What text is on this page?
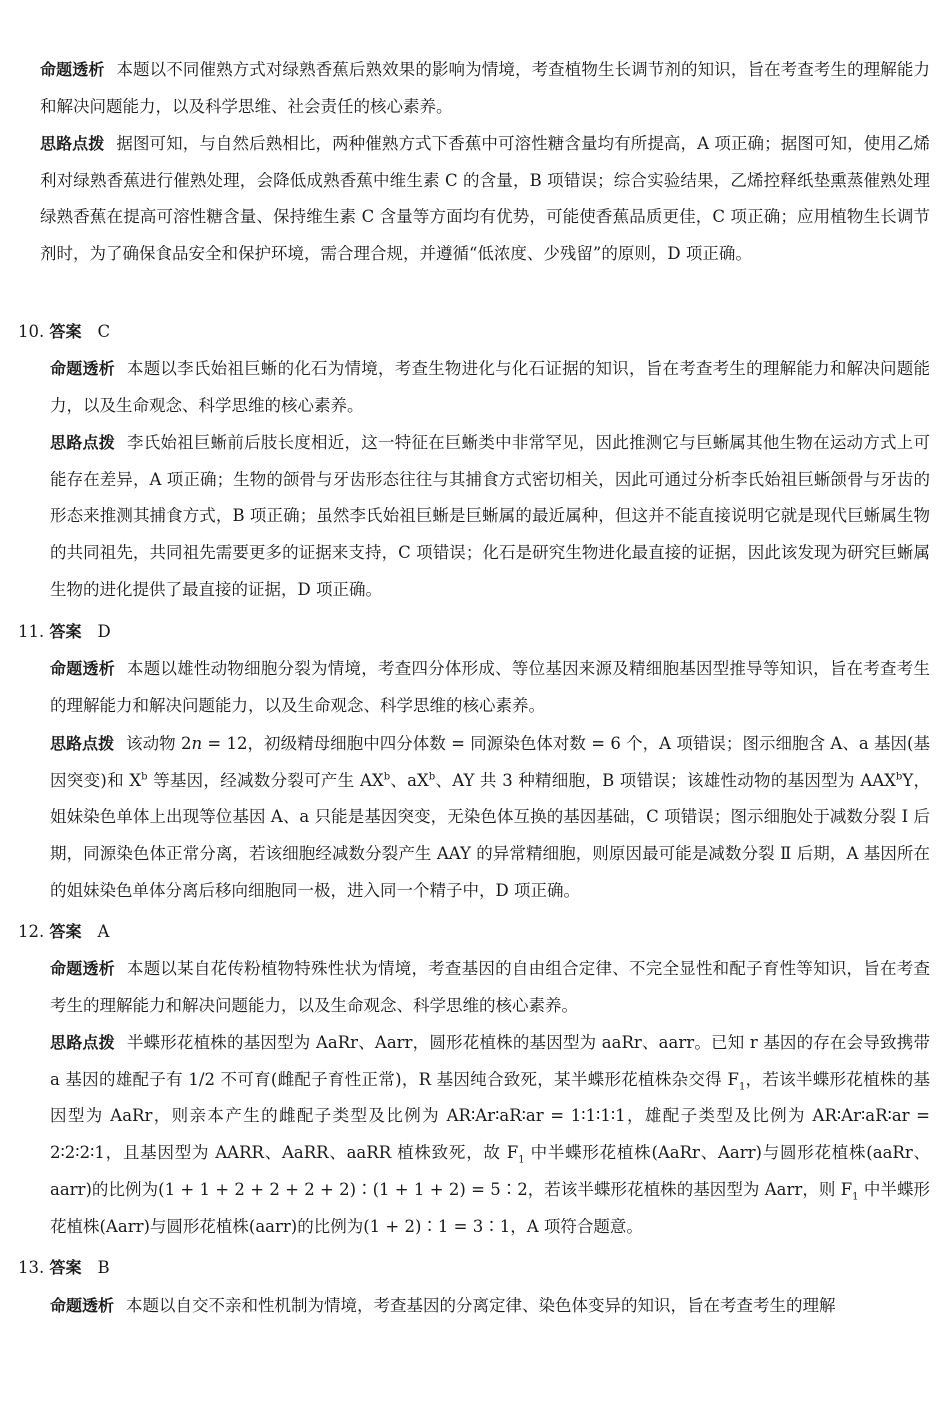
命题透析 本题以不同催熟方式对绿熟香蕉后熟效果的影响为情境，考查植物生长调节剂的知识，旨在考查考生的理解能力和解决问题能力，以及科学思维、社会责任的核心素养。

思路点拨 据图可知，与自然后熟相比，两种催熟方式下香蕉中可溶性糖含量均有所提高，A 项正确；据图可知，使用乙烯利对绿熟香蕉进行催熟处理，会降低成熟香蕉中维生素 C 的含量，B 项错误；综合实验结果，乙烯控释纸垫熏蒸催熟处理绿熟香蕉在提高可溶性糖含量、保持维生素 C 含量等方面均有优势，可能使香蕉品质更佳，C 项正确；应用植物生长调节剂时，为了确保食品安全和保护环境，需合理合规，并遵循“低浓度、少残留”的原则，D 项正确。

10. 答案 C

命题透析 本题以李氏始祖巨蜥的化石为情境，考查生物进化与化石证据的知识，旨在考查考生的理解能力和解决问题能力，以及生命观念、科学思维的核心素养。

思路点拨 李氏始祖巨蜥前后肢长度相近，这一特征在巨蜥类中非常罕见，因此推测它与巨蜥属其他生物在运动方式上可能存在差异，A 项正确；生物的颌骨与牙齿形态往往与其捕食方式密切相关，因此可通过分析李氏始祖巨蜥颌骨与牙齿的形态来推测其捕食方式，B 项正确；虽然李氏始祖巨蜥是巨蜥属的最近属种，但这并不能直接说明它就是现代巨蜥属生物的共同祖先，共同祖先需要更多的证据来支持，C 项错误；化石是研究生物进化最直接的证据，因此该发现为研究巨蜥属生物的进化提供了最直接的证据，D 项正确。

11. 答案 D

命题透析 本题以雄性动物细胞分裂为情境，考查四分体形成、等位基因来源及精细胞基因型推导等知识，旨在考查考生的理解能力和解决问题能力，以及生命观念、科学思维的核心素养。

思路点拨 该动物 2n = 12，初级精母细胞中四分体数 = 同源染色体对数 = 6 个，A 项错误；图示细胞含 A、a 基因(基因突变)和 $X^b$ 等基因，经减数分裂可产生 $AX^b$、$aX^b$、AY 共 3 种精细胞，B 项错误；该雄性动物的基因型为 AAX$^b$Y，姐妹染色单体上出现等位基因 A、a 只能是基因突变，无染色体互换的基因基础，C 项错误；图示细胞处于减数分裂 Ⅰ 后期，同源染色体正常分离，若该细胞经减数分裂产生 AAY 的异常精细胞，则原因最可能是减数分裂 Ⅱ 后期，A 基因所在的姐妹染色单体分离后移向细胞同一极，进入同一个精子中，D 项正确。

12. 答案 A

命题透析 本题以某自花传粉植物特殊性状为情境，考查基因的自由组合定律、不完全显性和配子育性等知识，旨在考查考生的理解能力和解决问题能力，以及生命观念、科学思维的核心素养。

思路点拨 半蝶形花植株的基因型为 AaRr、Aarr，圆形花植株的基因型为 aaRr、aarr。已知 r 基因的存在会导致携带 a 基因的雄配子有 1/2 不可育(雌配子育性正常)，R 基因纯合致死，某半蝶形花植株杂交得 $F_1$，若该半蝶形花植株的基因型为 AaRr，则亲本产生的雌配子类型及比例为 AR∶Ar∶aR∶ar = 1∶1∶1∶1，雄配子类型及比例为 AR∶Ar∶aR∶ar = 2∶2∶2∶1，且基因型为 AARR、AaRR、aaRR 植株致死，故 $F_1$ 中半蝶形花植株(AaRr、Aarr)与圆形花植株(aaRr、aarr)的比例为(1 + 1 + 2 + 2 + 2 + 2)∶(1 + 1 + 2) = 5∶2，若该半蝶形花植株的基因型为 Aarr，则 $F_1$ 中半蝶形花植株(Aarr)与圆形花植株(aarr)的比例为(1 + 2)∶1 = 3∶1，A 项符合题意。

13. 答案 B

命题透析 本题以自交不亲和性机制为情境，考查基因的分离定律、染色体变异的知识，旨在考查考生的理解
